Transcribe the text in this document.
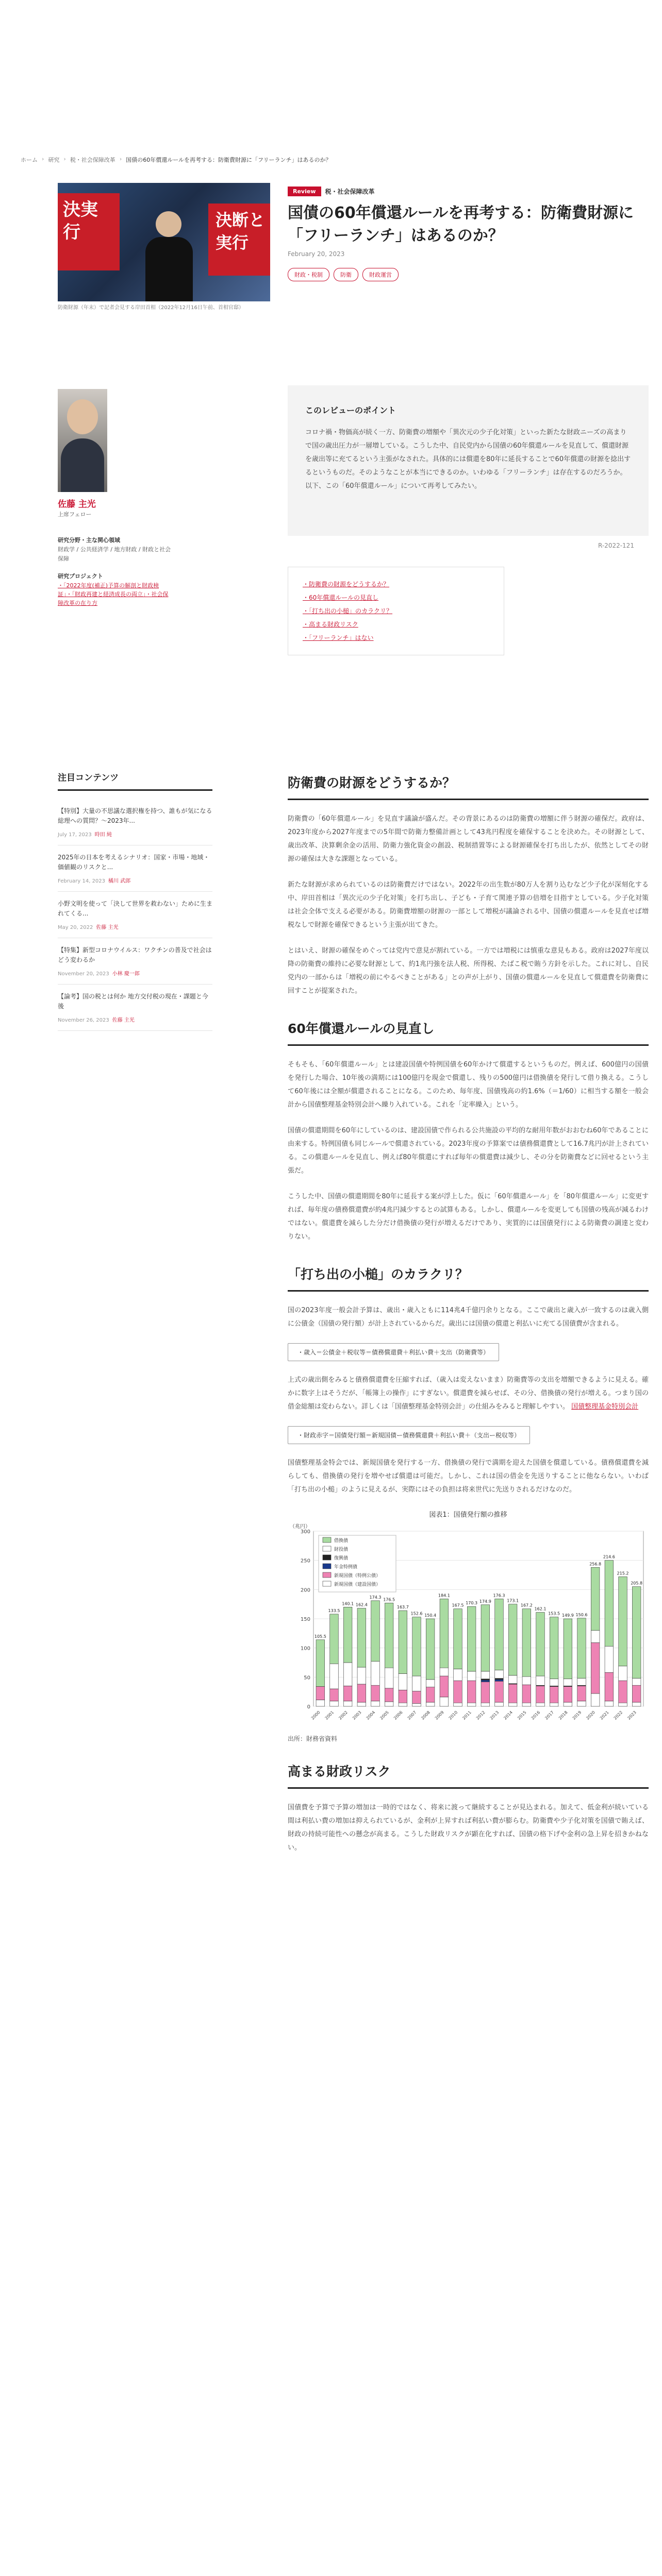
ホーム › 研究 › 税・社会保障改革 › 国債の60年償還ルールを再考する：防衛費財源に「フリーランチ」はあるのか？
決実行
決断と実行
防衛財源（年末）で記者会見する岸田首相（2022年12月16日午前、首相官邸）
Review	税・社会保障改革
国債の60年償還ルールを再考する：防衛費財源に「フリーランチ」はあるのか？
February 20, 2023
財政・税制	防衛	財政運営
佐藤 主光
上席フェロー
研究分野・主な関心領域
財政学 / 公共経済学 / 地方財政 / 財政と社会保障
研究プロジェクト
・「2022年度(補正)予算の解剖と財政検証」・「財政再建と経済成長の両立」・社会保障改革の在り方
このレビューのポイント

コロナ禍・物価高が続く一方、防衛費の増額や「異次元の少子化対策」といった新たな財政ニーズの高まりで国の歳出圧力が一層増している。こうした中、自民党内から国債の60年償還ルールを見直して、償還財源を歳出等に充てるという主張がなされた。具体的には償還を80年に延長することで60年償還の財源を捻出するというものだ。そのようなことが本当にできるのか。いわゆる「フリーランチ」は存在するのだろうか。以下、この「60年償還ルール」について再考してみたい。

R-2022-121
・ 防衛費の財源をどうするか？
・ 60年償還ルールの見直し
・ 「打ち出の小槌」のカラクリ？
・ 高まる財政リスク
・ 「フリーランチ」はない
注目コンテンツ
【特別】大量の不思議な選択権を持つ、誰もが気になる総理への質問？〜2023年...
July 17, 2023 時田 純
2025年の日本を考えるシナリオ：国家・市場・地域・価値観のリスクと...
February 14, 2023 橘川 武郎
小野文明を使って「決して世界を救わない」ために生まれてくる...
May 20, 2022 佐藤 主光
【特集】新型コロナウイルス：ワクチンの普及で社会はどう変わるか
November 20, 2023 小林 慶一郎
【論考】国の税とは何か 地方交付税の現在・課題と今後
November 26, 2023 佐藤 主光
防衛費の財源をどうするか？

防衛費の「60年償還ルール」を見直す議論が盛んだ。その背景にあるのは防衛費の増額に伴う財源の確保だ。政府は、2023年度から2027年度までの5年間で防衛力整備計画として43兆円程度を確保することを決めた。その財源として、歳出改革、決算剰余金の活用、防衛力強化資金の創設、税制措置等による財源確保を打ち出したが、依然としてその財源の確保は大きな課題となっている。

新たな財源が求められているのは防衛費だけではない。2022年の出生数が80万人を割り込むなど少子化が深刻化する中、岸田首相は「異次元の少子化対策」を打ち出し、子ども・子育て関連予算の倍増を目指すとしている。少子化対策は社会全体で支える必要がある。防衛費増額の財源の一部として増税が議論される中、国債の償還ルールを見直せば増税なしで財源を確保できるという主張が出てきた。

とはいえ、財源の確保をめぐっては党内で意見が割れている。一方では増税には慎重な意見もある。政府は2027年度以降の防衛費の維持に必要な財源として、約1兆円強を法人税、所得税、たばこ税で賄う方針を示した。これに対し、自民党内の一部からは「増税の前にやるべきことがある」との声が上がり、国債の償還ルールを見直して償還費を防衛費に回すことが提案された。

60年償還ルールの見直し

そもそも、「60年償還ルール」とは建設国債や特例国債を60年かけて償還するというものだ。例えば、600億円の国債を発行した場合、10年後の満期には100億円を現金で償還し、残りの500億円は借換債を発行して借り換える。こうして60年後には全額が償還されることになる。このため、毎年度、国債残高の約1.6%（＝1/60）に相当する額を一般会計から国債整理基金特別会計へ繰り入れている。これを「定率繰入」という。

国債の償還期間を60年にしているのは、建設国債で作られる公共施設の平均的な耐用年数がおおむね60年であることに由来する。特例国債も同じルールで償還されている。2023年度の予算案では債務償還費として16.7兆円が計上されている。この償還ルールを見直し、例えば80年償還にすれば毎年の償還費は減少し、その分を防衛費などに回せるという主張だ。

こうした中、国債の償還期間を80年に延長する案が浮上した。仮に「60年償還ルール」を「80年償還ルール」に変更すれば、毎年度の債務償還費が約4兆円減少するとの試算もある。しかし、償還ルールを変更しても国債の残高が減るわけではない。償還費を減らした分だけ借換債の発行が増えるだけであり、実質的には国債発行による防衛費の調達と変わりない。

「打ち出の小槌」のカラクリ？

国の2023年度一般会計予算は、歳出・歳入ともに114兆4千億円余りとなる。ここで歳出と歳入が一致するのは歳入側に公債金（国債の発行額）が計上されているからだ。歳出には国債の償還と利払いに充てる国債費が含まれる。

・歳入＝公債金＋税収等＝債務償還費＋利払い費＋支出（防衛費等）

上式の歳出側をみると債務償還費を圧縮すれば、（歳入は変えないまま）防衛費等の支出を増額できるように見える。確かに数字上はそうだが、「帳簿上の操作」にすぎない。償還費を減らせば、その分、借換債の発行が増える。つまり国の借金総額は変わらない。詳しくは「国債整理基金特別会計」の仕組みをみると理解しやすい。 国債整理基金特別会計

・財政赤字＝国債発行額＝新規国債ー債務償還費＋利払い費＋（支出ー税収等）

国債整理基金特会では、新規国債を発行する一方、借換債の発行で満期を迎えた国債を償還している。債務償還費を減らしても、借換債の発行を増やせば償還は可能だ。しかし、これは国の借金を先送りすることに他ならない。いわば「打ち出の小槌」のように見えるが、実際にはその負担は将来世代に先送りされるだけなのだ。

図表1：国債発行額の推移
0
50
100
150
200
250
300
（兆円）
105.5
2000
133.5
2001
140.1
2002
162.4
2003
174.3
2004
176.5
2005
163.7
2006
152.6
2007
150.4
2008
184.1
2009
167.5
2010
170.3
2011
174.9
2012
176.3
2013
173.1
2014
167.2
2015
162.1
2016
153.5
2017
149.9
2018
150.6
2019
256.8
2020
214.6
2021
215.2
2022
205.8
2023
借換債
財投債
復興債
年金特例債
新規国債（特例公債）
新規国債（建設国債）
出所：財務省資料
高まる財政リスク

国債費を予算で予算の増加は一時的ではなく、将来に渡って継続することが見込まれる。加えて、低金利が続いている間は利払い費の増加は抑えられているが、金利が上昇すれば利払い費が膨らむ。防衛費や少子化対策を国債で賄えば、財政の持続可能性への懸念が高まる。こうした財政リスクが顕在化すれば、国債の格下げや金利の急上昇を招きかねない。
